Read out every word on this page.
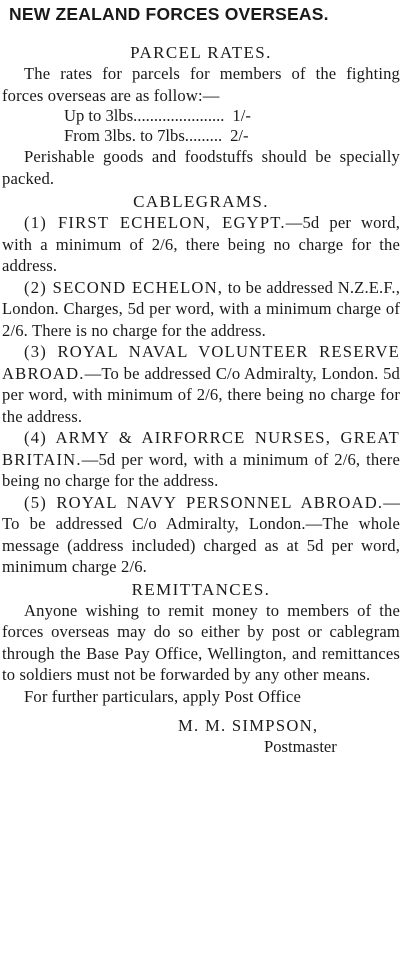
NEW ZEALAND FORCES OVERSEAS.
PARCEL RATES.

The rates for parcels for members of the fighting forces overseas are as follow:—

Up to 3lbs...................... 1/-
From 3lbs. to 7lbs......... 2/-

Perishable goods and foodstuffs should be specially packed.

CABLEGRAMS.

(1) FIRST ECHELON, EGYPT.—5d per word, with a minimum of 2/6, there being no charge for the address.

(2) SECOND ECHELON, to be addressed N.Z.E.F., London. Charges, 5d per word, with a minimum charge of 2/6. There is no charge for the address.

(3) ROYAL NAVAL VOLUNTEER RESERVE ABROAD.—To be addressed C/o Admiralty, London. 5d per word, with minimum of 2/6, there being no charge for the address.

(4) ARMY & AIRFORRCE NURSES, GREAT BRITAIN.—5d per word, with a minimum of 2/6, there being no charge for the address.

(5) ROYAL NAVY PERSONNEL ABROAD.—To be addressed C/o Admiralty, London.—The whole message (address included) charged as at 5d per word, minimum charge 2/6.

REMITTANCES.

Anyone wishing to remit money to members of the forces overseas may do so either by post or cablegram through the Base Pay Office, Wellington, and remittances to soldiers must not be forwarded by any other means.

For further particulars, apply Post Office

M. M. SIMPSON,
Postmaster
